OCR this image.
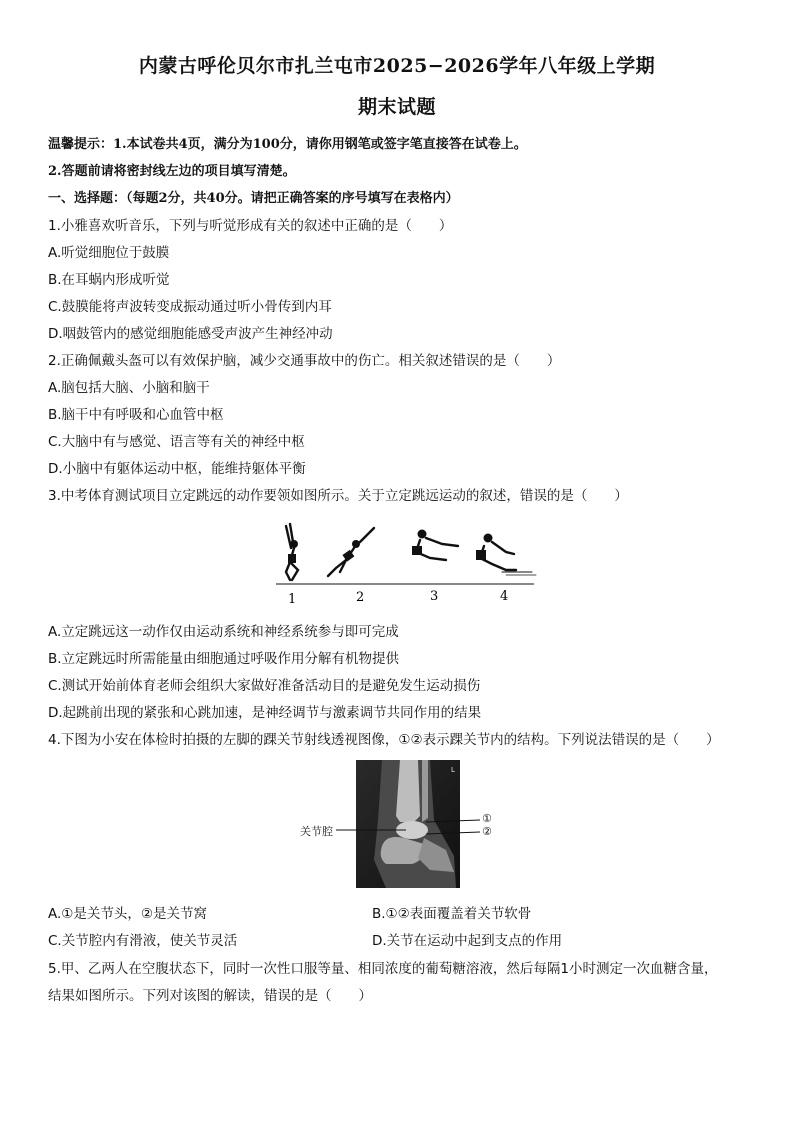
内蒙古呼伦贝尔市扎兰屯市2025−2026学年八年级上学期
期末试题
温馨提示：1.本试卷共4页，满分为100分，请你用钢笔或签字笔直接答在试卷上。
2.答题前请将密封线左边的项目填写清楚。
一、选择题：（每题2分，共40分。请把正确答案的序号填写在表格内）
1.小雅喜欢听音乐，下列与听觉形成有关的叙述中正确的是（　　）
A.听觉细胞位于鼓膜
B.在耳蜗内形成听觉
C.鼓膜能将声波转变成振动通过听小骨传到内耳
D.咽鼓管内的感觉细胞能感受声波产生神经冲动
2.正确佩戴头盔可以有效保护脑，减少交通事故中的伤亡。相关叙述错误的是（　　）
A.脑包括大脑、小脑和脑干
B.脑干中有呼吸和心血管中枢
C.大脑中有与感觉、语言等有关的神经中枢
D.小脑中有躯体运动中枢，能维持躯体平衡
3.中考体育测试项目立定跳远的动作要领如图所示。关于立定跳远运动的叙述，错误的是（　　）
1	2	3	4
A.立定跳远这一动作仅由运动系统和神经系统参与即可完成
B.立定跳远时所需能量由细胞通过呼吸作用分解有机物提供
C.测试开始前体育老师会组织大家做好准备活动目的是避免发生运动损伤
D.起跳前出现的紧张和心跳加速，是神经调节与激素调节共同作用的结果
4.下图为小安在体检时拍摄的左脚的踝关节射线透视图像，①②表示踝关节内的结构。下列说法错误的是（　　）
L
关节腔
①
②
A.①是关节头，②是关节窝	B.①②表面覆盖着关节软骨
C.关节腔内有滑液，使关节灵活	D.关节在运动中起到支点的作用
5.甲、乙两人在空腹状态下，同时一次性口服等量、相同浓度的葡萄糖溶液，然后每隔1小时测定一次血糖含量，
结果如图所示。下列对该图的解读，错误的是（　　）
